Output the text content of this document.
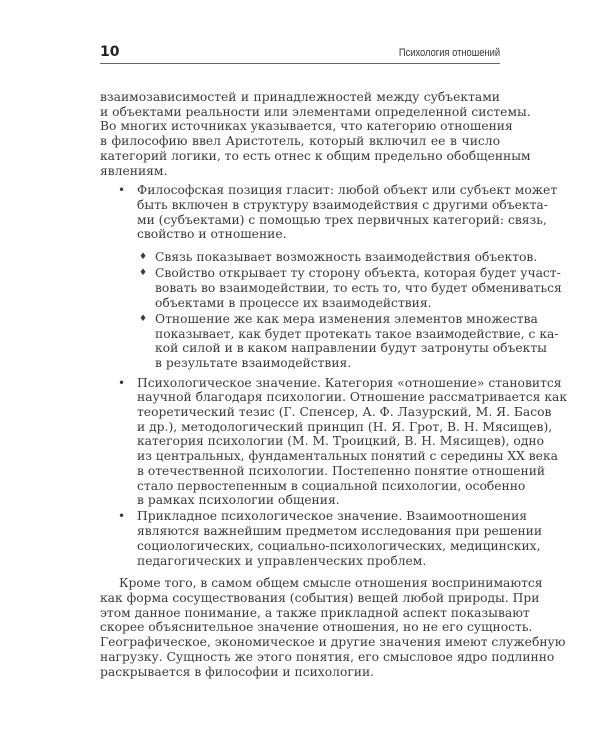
10	Психология отношений
взаимозависимостей и принадлежностей между субъектами
и объектами реальности или элементами определенной системы.
Во многих источниках указывается, что категорию отношения
в философию ввел Аристотель, который включил ее в число
категорий логики, то есть отнес к общим предельно обобщенным
явлениям.
• Философская позиция гласит: любой объект или субъект может
быть включен в структуру взаимодействия с другими объекта-
ми (субъектами) с помощью трех первичных категорий: связь,
свойство и отношение.
♦ Связь показывает возможность взаимодействия объектов.
♦ Свойство открывает ту сторону объекта, которая будет участ-
вовать во взаимодействии, то есть то, что будет обмениваться
объектами в процессе их взаимодействия.
♦ Отношение же как мера изменения элементов множества
показывает, как будет протекать такое взаимодействие, с ка-
кой силой и в каком направлении будут затронуты объекты
в результате взаимодействия.
• Психологическое значение. Категория «отношение» становится
научной благодаря психологии. Отношение рассматривается как
теоретический тезис (Г. Спенсер, А. Ф. Лазурский, М. Я. Басов
и др.), методологический принцип (Н. Я. Грот, В. Н. Мясищев),
категория психологии (М. М. Троицкий, В. Н. Мясищев), одно
из центральных, фундаментальных понятий с середины XX века
в отечественной психологии. Постепенно понятие отношений
стало первостепенным в социальной психологии, особенно
в рамках психологии общения.
• Прикладное психологическое значение. Взаимоотношения
являются важнейшим предметом исследования при решении
социологических, социально-психологических, медицинских,
педагогических и управленческих проблем.
Кроме того, в самом общем смысле отношения воспринимаются
как форма сосуществования (события) вещей любой природы. При
этом данное понимание, а также прикладной аспект показывают
скорее объяснительное значение отношения, но не его сущность.
Географическое, экономическое и другие значения имеют служебную
нагрузку. Сущность же этого понятия, его смысловое ядро подлинно
раскрывается в философии и психологии.
